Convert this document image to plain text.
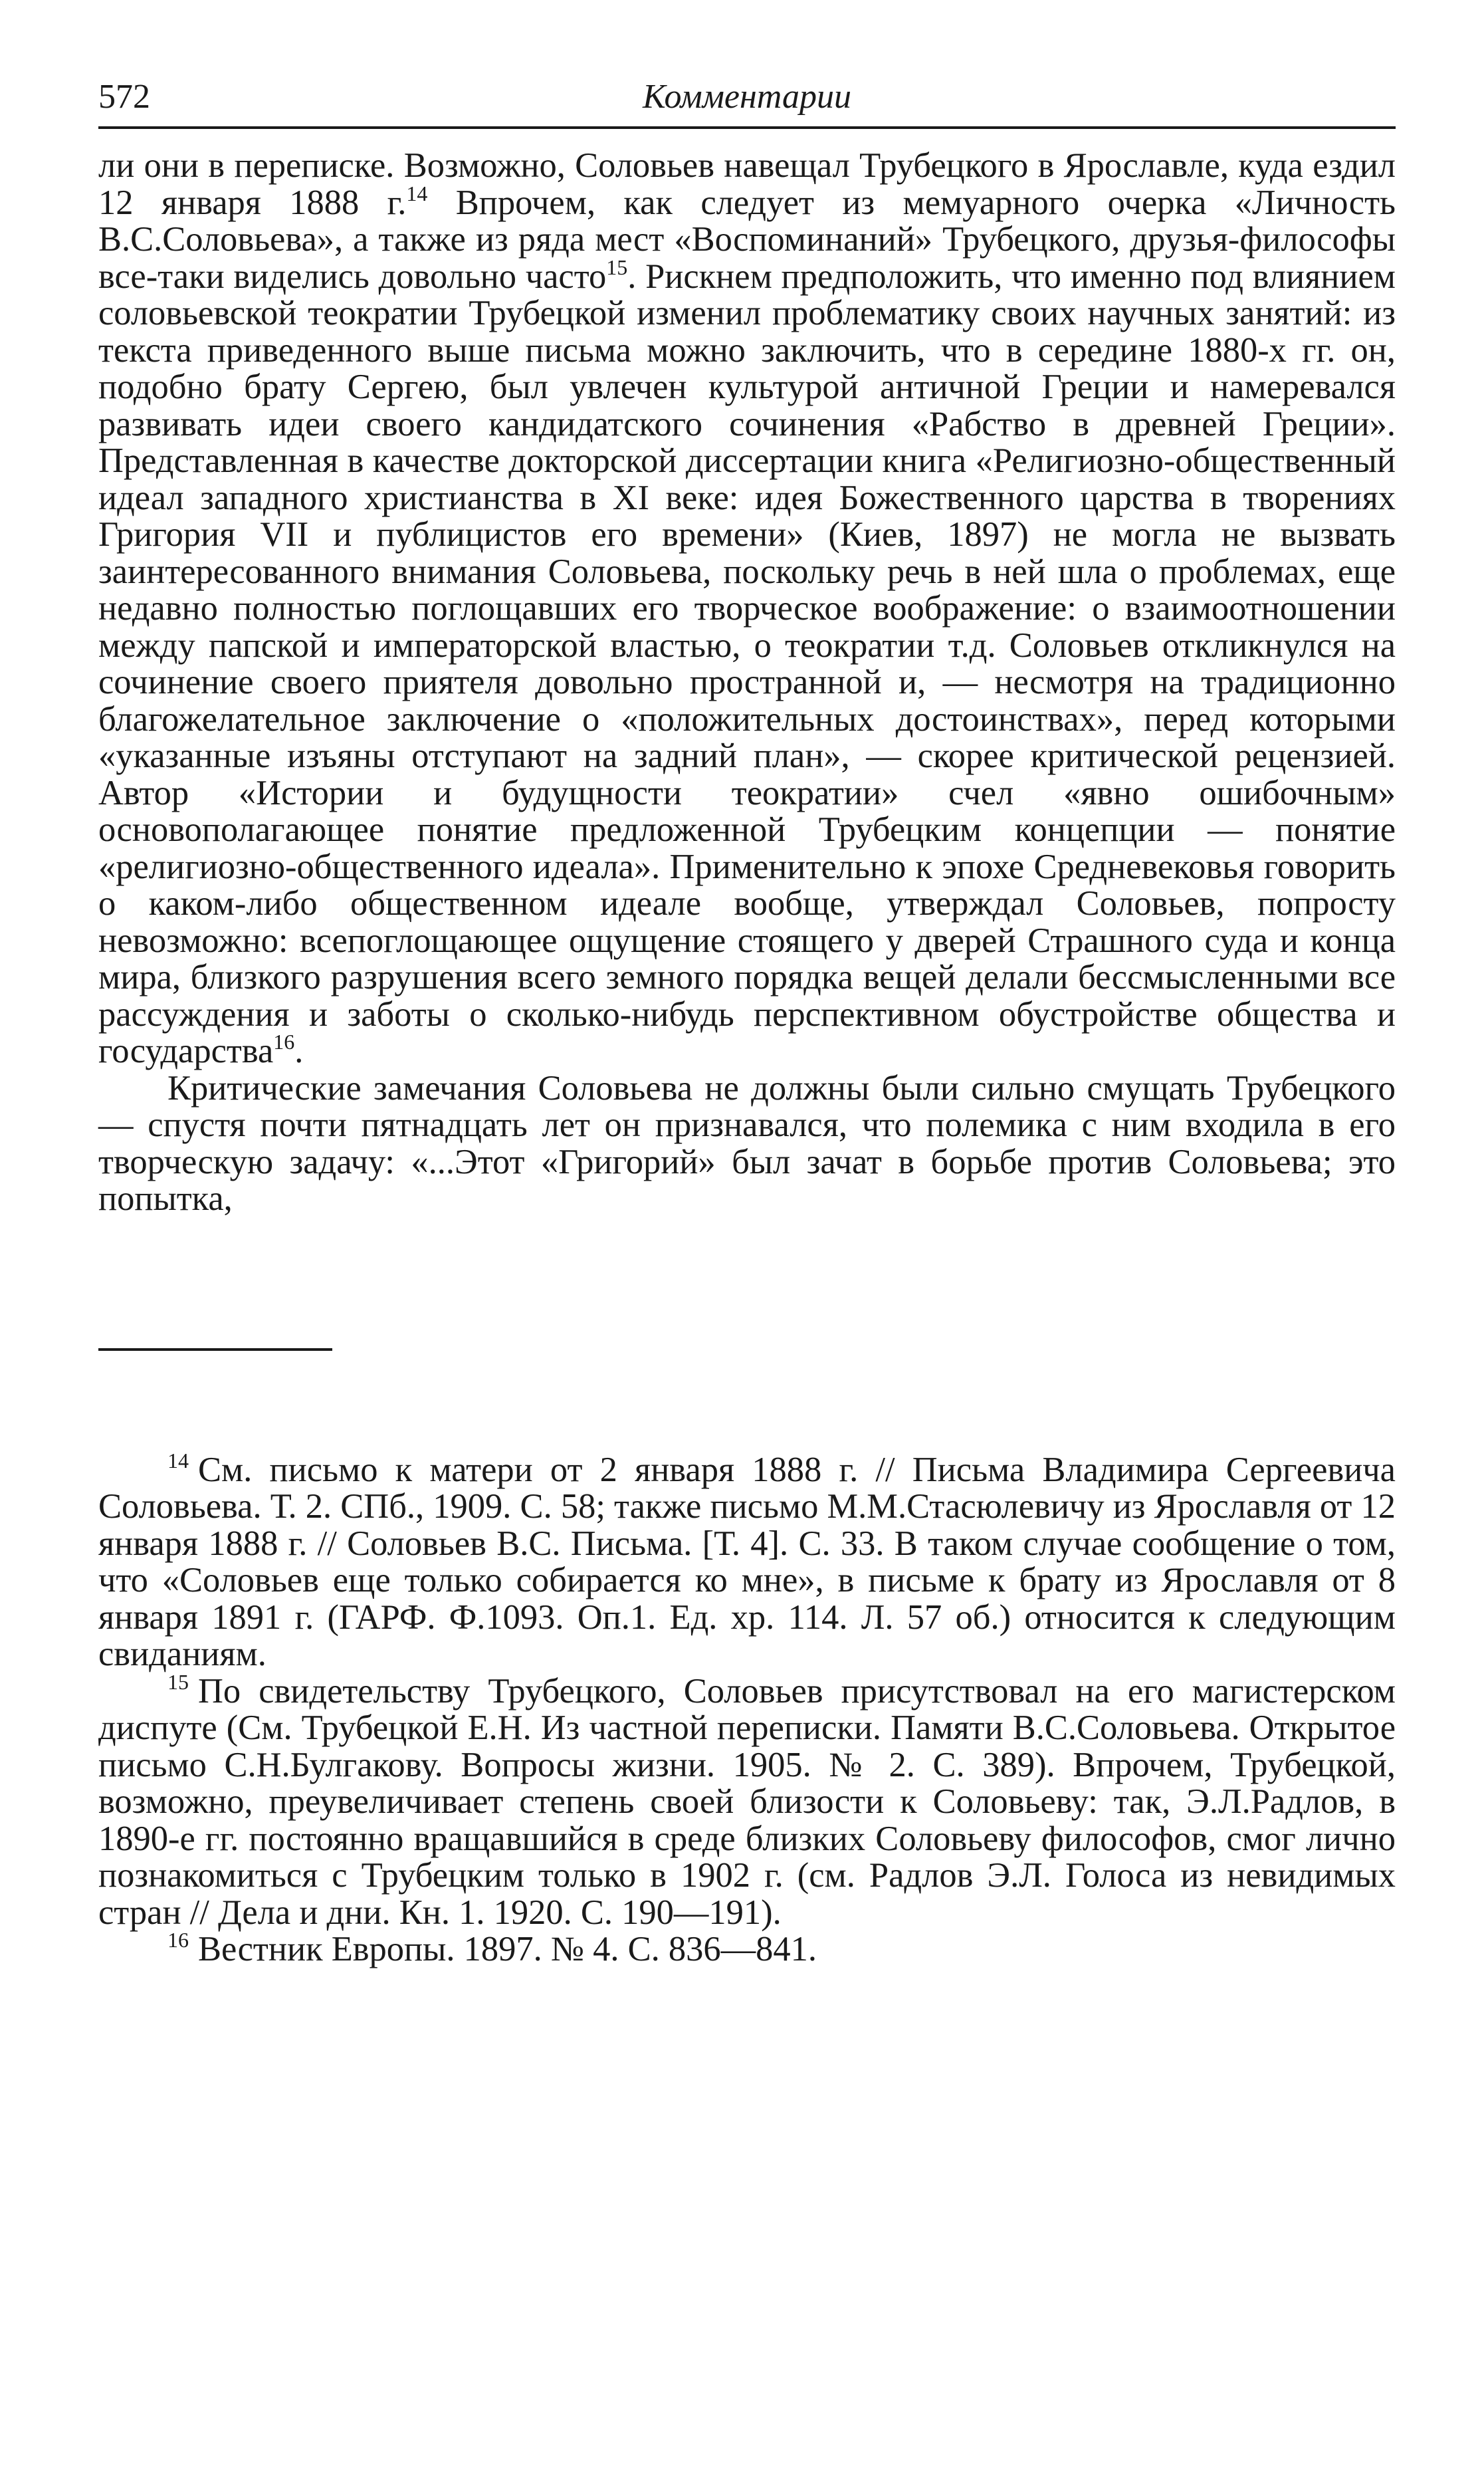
572	Комментарии

ли они в переписке. Возможно, Соловьев навещал Трубецкого в Ярославле, куда ездил 12 января 1888 г.$^{14}$ Впрочем, как следует из мемуарного очерка «Личность В.С.Соловьева», а также из ряда мест «Воспоминаний» Трубецкого, друзья-философы все-таки виделись довольно часто$^{15}$. Рискнем предположить, что именно под влиянием соловьевской теократии Трубецкой изменил проблематику своих научных занятий: из текста приведенного выше письма можно заключить, что в середине 1880-х гг. он, подобно брату Сергею, был увлечен культурой античной Греции и намеревался развивать идеи своего кандидатского сочинения «Рабство в древней Греции». Представленная в качестве докторской диссертации книга «Религиозно-общественный идеал западного христианства в XI веке: идея Божественного царства в творениях Григория VII и публицистов его времени» (Киев, 1897) не могла не вызвать заинтересованного внимания Соловьева, поскольку речь в ней шла о проблемах, еще недавно полностью поглощавших его творческое воображение: о взаимоотношении между папской и императорской властью, о теократии т.д. Соловьев откликнулся на сочинение своего приятеля довольно пространной и, — несмотря на традиционно благожелательное заключение о «положительных достоинствах», перед которыми «указанные изъяны отступают на задний план», — скорее критической рецензией. Автор «Истории и будущности теократии» счел «явно ошибочным» основополагающее понятие предложенной Трубецким концепции — понятие «религиозно-общественного идеала». Применительно к эпохе Средневековья говорить о каком-либо общественном идеале вообще, утверждал Соловьев, попросту невозможно: всепоглощающее ощущение стоящего у дверей Страшного суда и конца мира, близкого разрушения всего земного порядка вещей делали бессмысленными все рассуждения и заботы о сколько-нибудь перспективном обустройстве общества и государства$^{16}$.

Критические замечания Соловьева не должны были сильно смущать Трубецкого — спустя почти пятнадцать лет он признавался, что полемика с ним входила в его творческую задачу: «...Этот «Григорий» был зачат в борьбе против Соловьева; это попытка,

$^{14}$ См. письмо к матери от 2 января 1888 г. // Письма Владимира Сергеевича Соловьева. Т. 2. СПб., 1909. С. 58; также письмо М.М.Стасюлевичу из Ярославля от 12 января 1888 г. // Соловьев В.С. Письма. [Т. 4]. С. 33. В таком случае сообщение о том, что «Соловьев еще только собирается ко мне», в письме к брату из Ярославля от 8 января 1891 г. (ГАРФ. Ф.1093. Оп.1. Ед. хр. 114. Л. 57 об.) относится к следующим свиданиям.

$^{15}$ По свидетельству Трубецкого, Соловьев присутствовал на его магистерском диспуте (См. Трубецкой Е.Н. Из частной переписки. Памяти В.С.Соловьева. Открытое письмо С.Н.Булгакову. Вопросы жизни. 1905. № 2. С. 389). Впрочем, Трубецкой, возможно, преувеличивает степень своей близости к Соловьеву: так, Э.Л.Радлов, в 1890-е гг. постоянно вращавшийся в среде близких Соловьеву философов, смог лично познакомиться с Трубецким только в 1902 г. (см. Радлов Э.Л. Голоса из невидимых стран // Дела и дни. Кн. 1. 1920. С. 190—191).

$^{16}$ Вестник Европы. 1897. № 4. С. 836—841.
